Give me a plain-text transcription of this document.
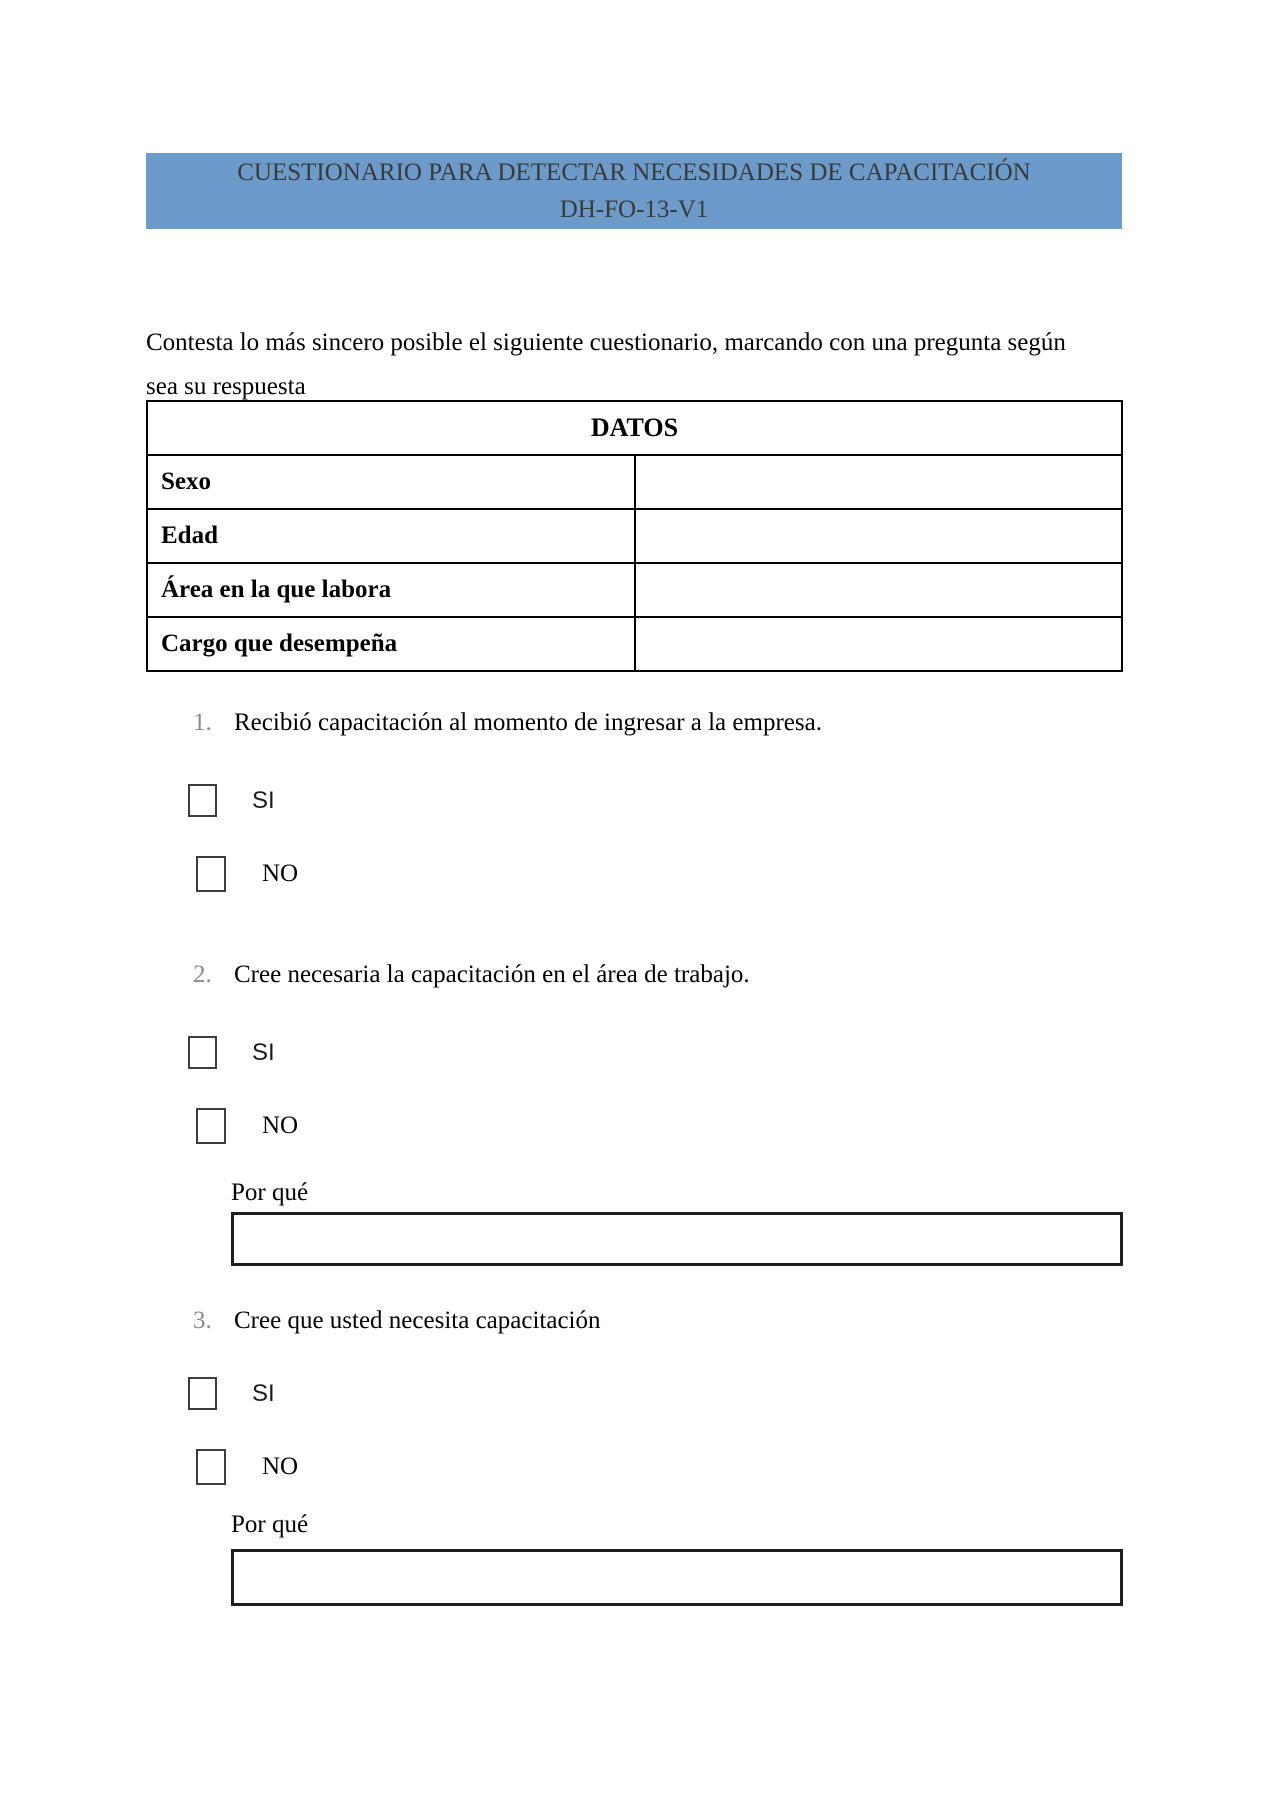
CUESTIONARIO PARA DETECTAR NECESIDADES DE CAPACITACIÓN
DH-FO-13-V1

Contesta lo más sincero posible el siguiente cuestionario, marcando con una pregunta según
sea su respuesta

DATOS	
Sexo	
Edad	
Área en la que labora	
Cargo que desempeña	
1. Recibió capacitación al momento de ingresar a la empresa.
SI
NO
2. Cree necesaria la capacitación en el área de trabajo.
SI
NO
Por qué
3. Cree que usted necesita capacitación
SI
NO
Por qué
